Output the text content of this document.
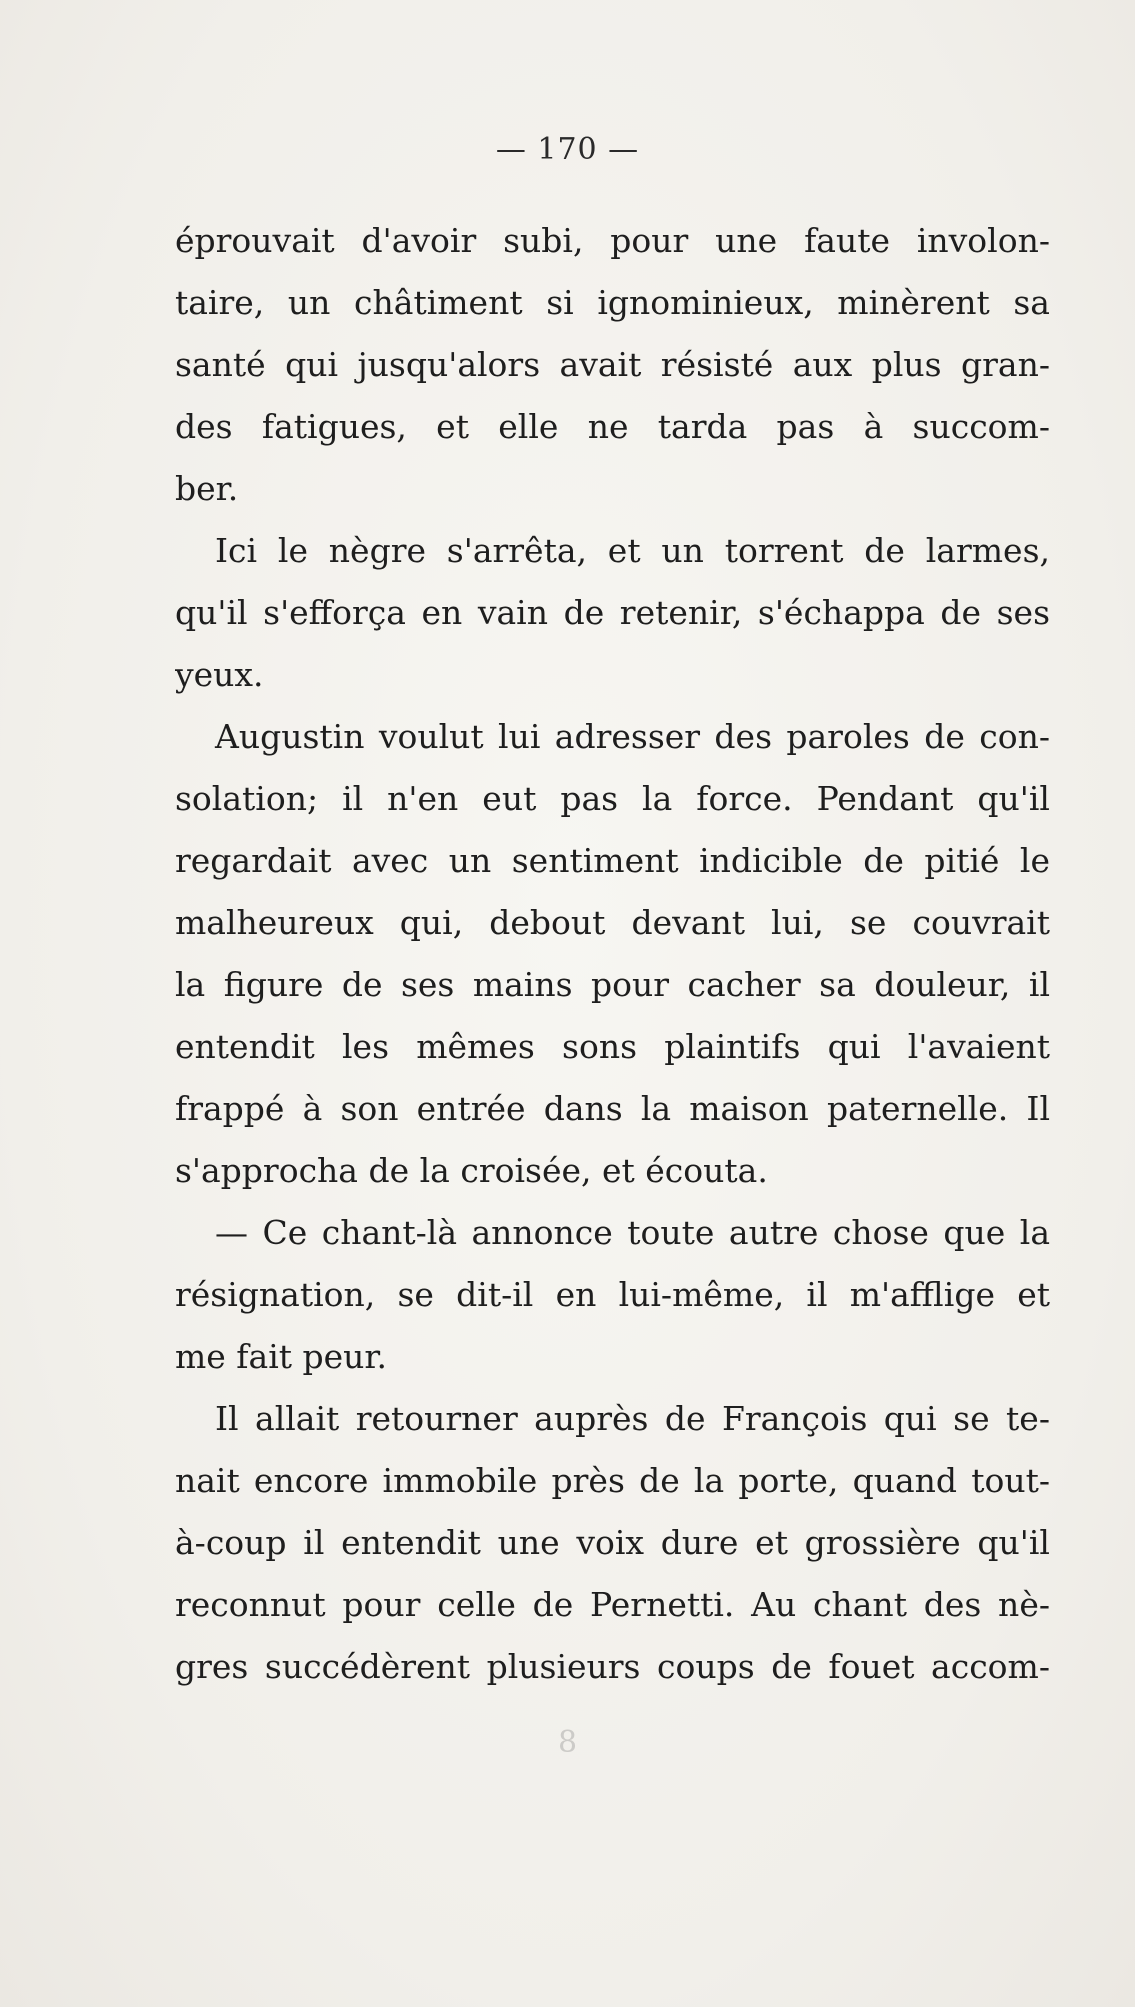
— 170 —
éprouvait d'avoir subi, pour une faute involon-
taire, un châtiment si ignominieux, minèrent sa
santé qui jusqu'alors avait résisté aux plus gran-
des fatigues, et elle ne tarda pas à succom-
ber.
Ici le nègre s'arrêta, et un torrent de larmes,
qu'il s'efforça en vain de retenir, s'échappa de ses
yeux.
Augustin voulut lui adresser des paroles de con-
solation; il n'en eut pas la force. Pendant qu'il
regardait avec un sentiment indicible de pitié le
malheureux qui, debout devant lui, se couvrait
la figure de ses mains pour cacher sa douleur, il
entendit les mêmes sons plaintifs qui l'avaient
frappé à son entrée dans la maison paternelle. Il
s'approcha de la croisée, et écouta.
— Ce chant-là annonce toute autre chose que la
résignation, se dit-il en lui-même, il m'afflige et
me fait peur.
Il allait retourner auprès de François qui se te-
nait encore immobile près de la porte, quand tout-
à-coup il entendit une voix dure et grossière qu'il
reconnut pour celle de Pernetti. Au chant des nè-
gres succédèrent plusieurs coups de fouet accom-
8
